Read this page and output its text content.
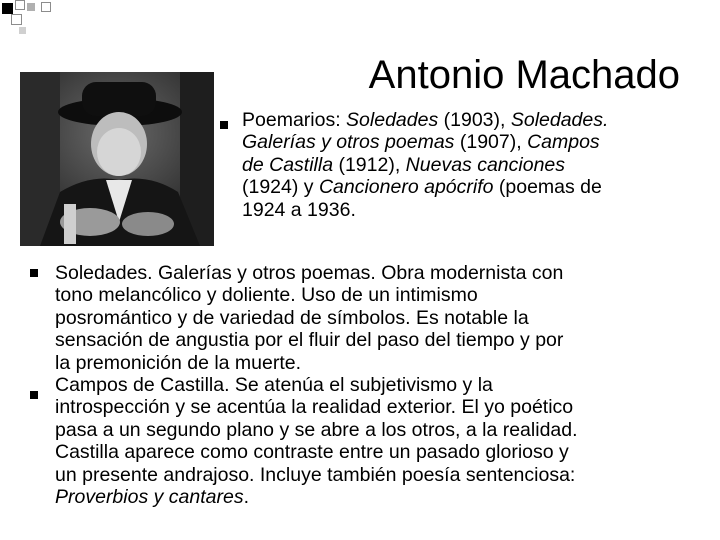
Antonio Machado
Poemarios: Soledades (1903), Soledades.
Galerías y otros poemas (1907), Campos
de Castilla (1912), Nuevas canciones
(1924) y Cancionero apócrifo (poemas de
1924 a 1936.
Soledades. Galerías y otros poemas. Obra modernista con
tono melancólico y doliente. Uso de un intimismo
posromántico y de variedad de símbolos. Es notable la
sensación de angustia por el fluir del paso del tiempo y por
la premonición de la muerte.
Campos de Castilla. Se atenúa el subjetivismo y la
introspección y se acentúa la realidad exterior. El yo poético
pasa a un segundo plano y se abre a los otros, a la realidad.
Castilla aparece como contraste entre un pasado glorioso y
un presente andrajoso. Incluye también poesía sentenciosa:
Proverbios y cantares.
